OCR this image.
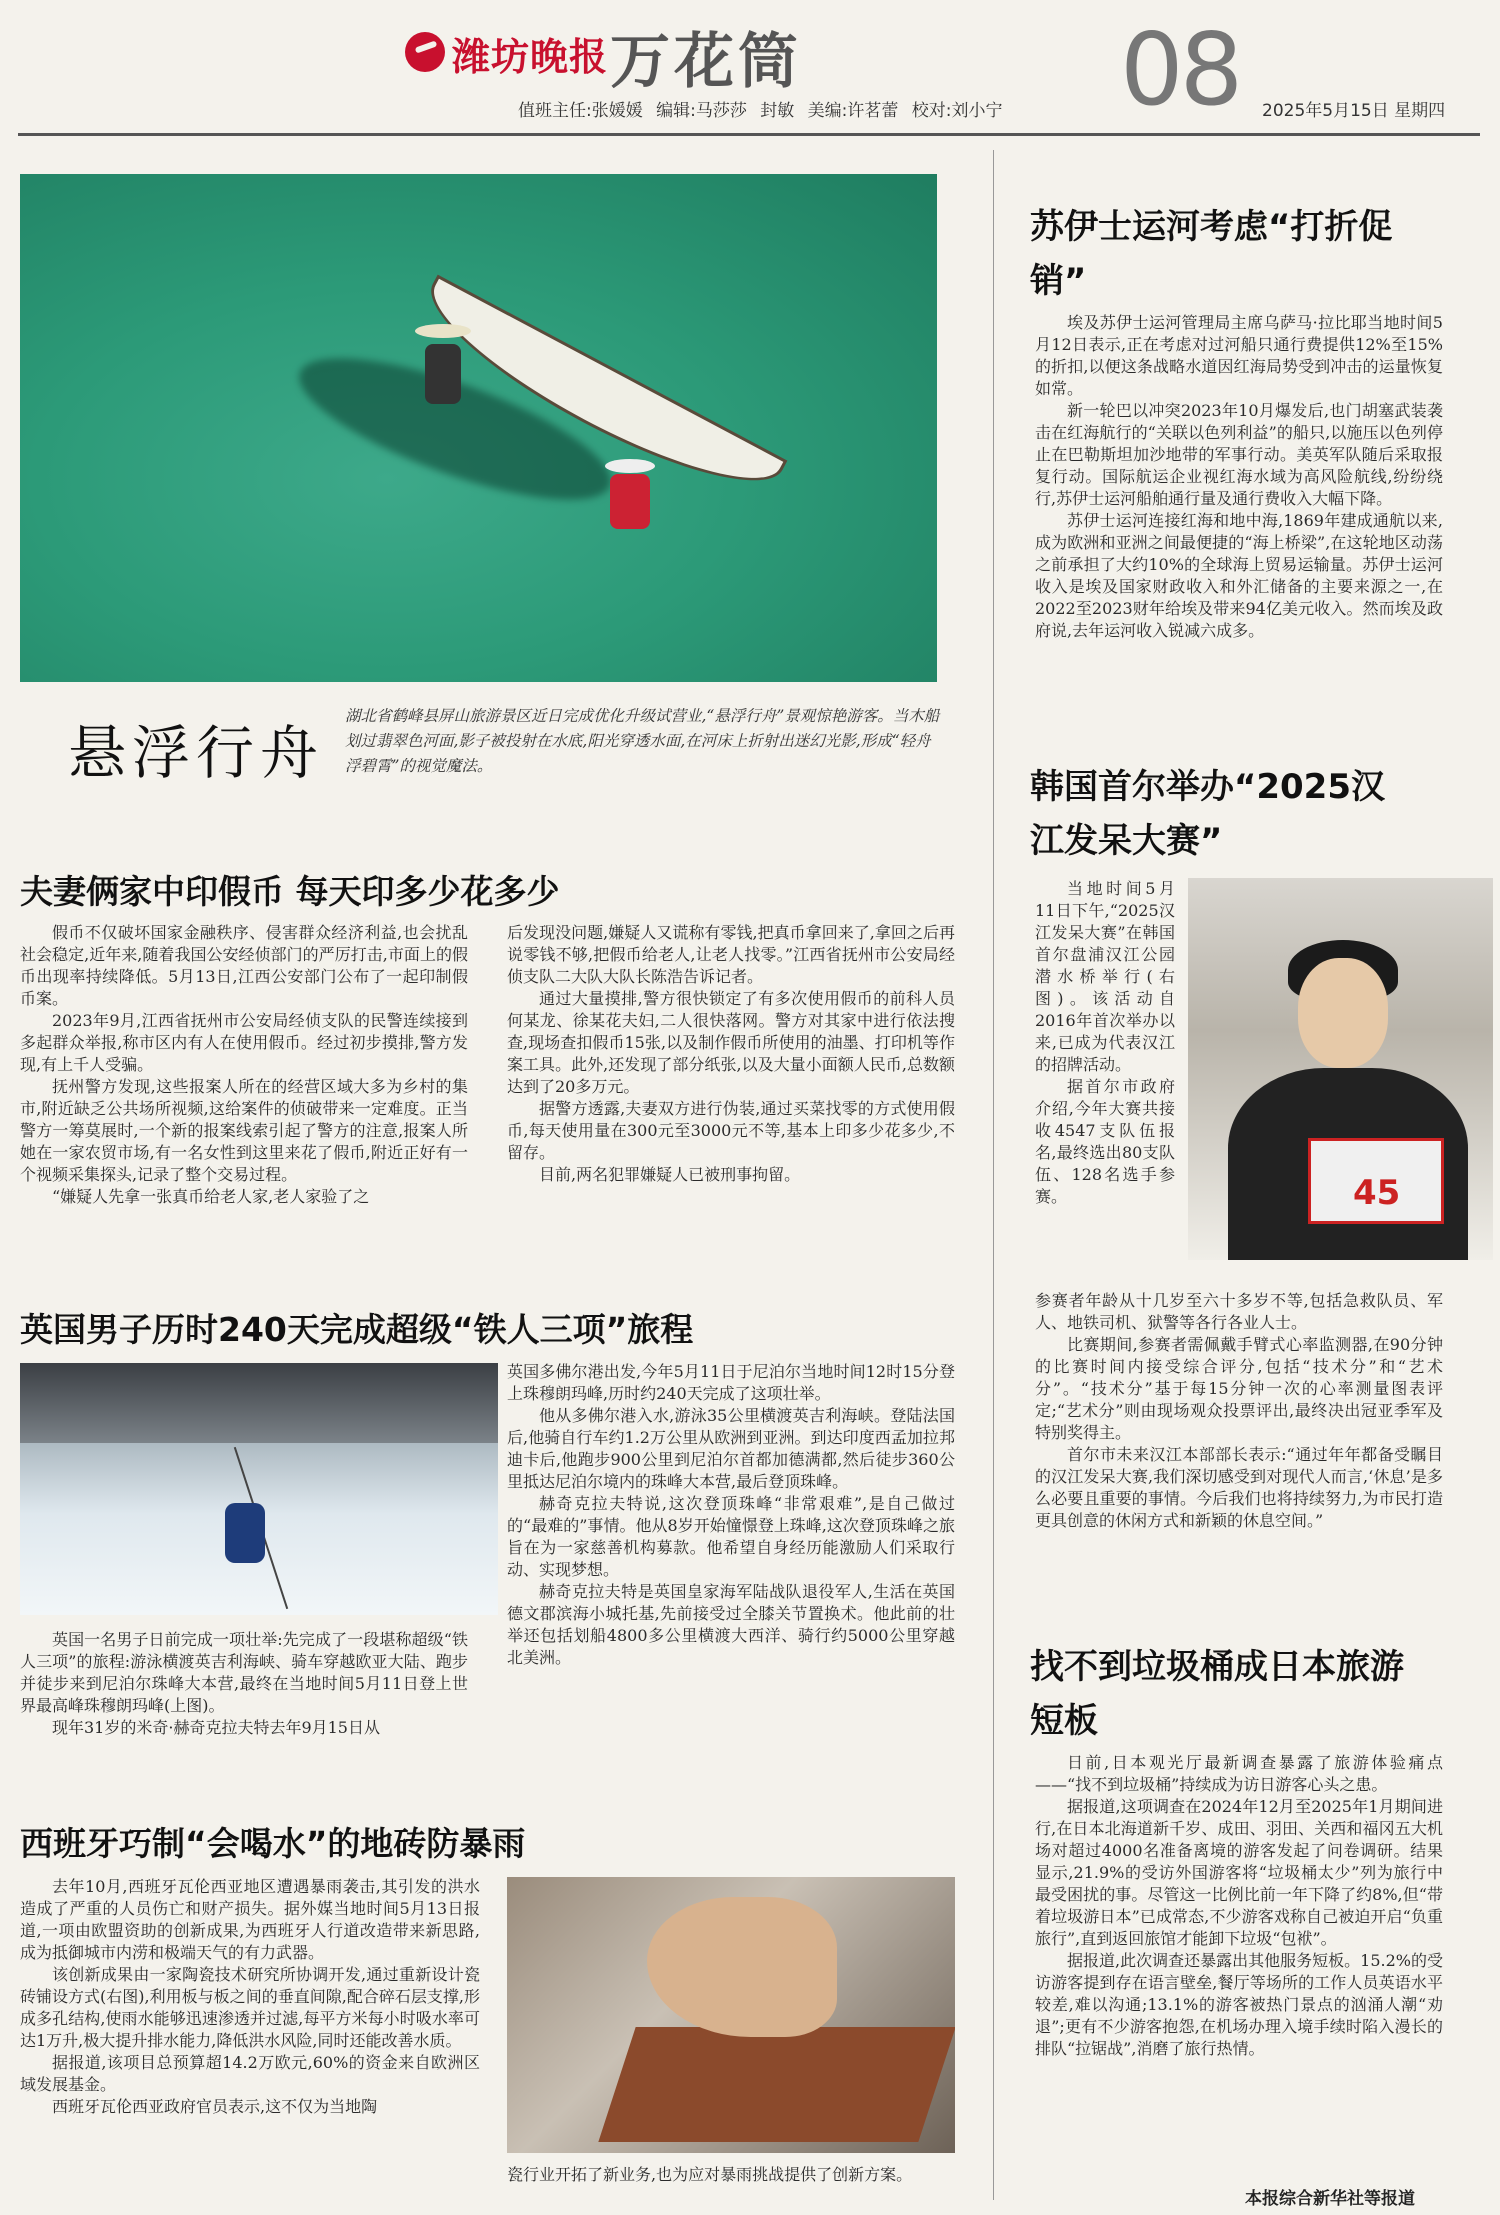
潍坊晚报 万花筒	08
值班主任:张媛媛 编辑:马莎莎 封敏 美编:许茗蕾 校对:刘小宁	2025年5月15日 星期四
悬浮行舟
湖北省鹤峰县屏山旅游景区近日完成优化升级试营业,“悬浮行舟”景观惊艳游客。当木船划过翡翠色河面,影子被投射在水底,阳光穿透水面,在河床上折射出迷幻光影,形成“轻舟浮碧霄”的视觉魔法。
夫妻俩家中印假币 每天印多少花多少

假币不仅破坏国家金融秩序、侵害群众经济利益,也会扰乱社会稳定,近年来,随着我国公安经侦部门的严厉打击,市面上的假币出现率持续降低。5月13日,江西公安部门公布了一起印制假币案。

2023年9月,江西省抚州市公安局经侦支队的民警连续接到多起群众举报,称市区内有人在使用假币。经过初步摸排,警方发现,有上千人受骗。

抚州警方发现,这些报案人所在的经营区域大多为乡村的集市,附近缺乏公共场所视频,这给案件的侦破带来一定难度。正当警方一筹莫展时,一个新的报案线索引起了警方的注意,报案人所她在一家农贸市场,有一名女性到这里来花了假币,附近正好有一个视频采集探头,记录了整个交易过程。

“嫌疑人先拿一张真币给老人家,老人家验了之

后发现没问题,嫌疑人又谎称有零钱,把真币拿回来了,拿回之后再说零钱不够,把假币给老人,让老人找零。”江西省抚州市公安局经侦支队二大队大队长陈浩告诉记者。

通过大量摸排,警方很快锁定了有多次使用假币的前科人员何某龙、徐某花夫妇,二人很快落网。警方对其家中进行依法搜查,现场查扣假币15张,以及制作假币所使用的油墨、打印机等作案工具。此外,还发现了部分纸张,以及大量小面额人民币,总数额达到了20多万元。

据警方透露,夫妻双方进行伪装,通过买菜找零的方式使用假币,每天使用量在300元至3000元不等,基本上印多少花多少,不留存。

目前,两名犯罪嫌疑人已被刑事拘留。

英国男子历时240天完成超级“铁人三项”旅程

英国一名男子日前完成一项壮举:先完成了一段堪称超级“铁人三项”的旅程:游泳横渡英吉利海峡、骑车穿越欧亚大陆、跑步并徒步来到尼泊尔珠峰大本营,最终在当地时间5月11日登上世界最高峰珠穆朗玛峰(上图)。

现年31岁的米奇·赫奇克拉夫特去年9月15日从

英国多佛尔港出发,今年5月11日于尼泊尔当地时间12时15分登上珠穆朗玛峰,历时约240天完成了这项壮举。

他从多佛尔港入水,游泳35公里横渡英吉利海峡。登陆法国后,他骑自行车约1.2万公里从欧洲到亚洲。到达印度西孟加拉邦迪卡后,他跑步900公里到尼泊尔首都加德满都,然后徒步360公里抵达尼泊尔境内的珠峰大本营,最后登顶珠峰。

赫奇克拉夫特说,这次登顶珠峰“非常艰难”,是自己做过的“最难的”事情。他从8岁开始憧憬登上珠峰,这次登顶珠峰之旅旨在为一家慈善机构募款。他希望自身经历能激励人们采取行动、实现梦想。

赫奇克拉夫特是英国皇家海军陆战队退役军人,生活在英国德文郡滨海小城托基,先前接受过全膝关节置换术。他此前的壮举还包括划船4800多公里横渡大西洋、骑行约5000公里穿越北美洲。

西班牙巧制“会喝水”的地砖防暴雨

去年10月,西班牙瓦伦西亚地区遭遇暴雨袭击,其引发的洪水造成了严重的人员伤亡和财产损失。据外媒当地时间5月13日报道,一项由欧盟资助的创新成果,为西班牙人行道改造带来新思路,成为抵御城市内涝和极端天气的有力武器。

该创新成果由一家陶瓷技术研究所协调开发,通过重新设计瓷砖铺设方式(右图),利用板与板之间的垂直间隙,配合碎石层支撑,形成多孔结构,使雨水能够迅速渗透并过滤,每平方米每小时吸水率可达1万升,极大提升排水能力,降低洪水风险,同时还能改善水质。

据报道,该项目总预算超14.2万欧元,60%的资金来自欧洲区域发展基金。

西班牙瓦伦西亚政府官员表示,这不仅为当地陶

瓷行业开拓了新业务,也为应对暴雨挑战提供了创新方案。

苏伊士运河考虑“打折促销”

埃及苏伊士运河管理局主席乌萨马·拉比耶当地时间5月12日表示,正在考虑对过河船只通行费提供12%至15%的折扣,以便这条战略水道因红海局势受到冲击的运量恢复如常。

新一轮巴以冲突2023年10月爆发后,也门胡塞武装袭击在红海航行的“关联以色列利益”的船只,以施压以色列停止在巴勒斯坦加沙地带的军事行动。美英军队随后采取报复行动。国际航运企业视红海水域为高风险航线,纷纷绕行,苏伊士运河船舶通行量及通行费收入大幅下降。

苏伊士运河连接红海和地中海,1869年建成通航以来,成为欧洲和亚洲之间最便捷的“海上桥梁”,在这轮地区动荡之前承担了大约10%的全球海上贸易运输量。苏伊士运河收入是埃及国家财政收入和外汇储备的主要来源之一,在2022至2023财年给埃及带来94亿美元收入。然而埃及政府说,去年运河收入锐减六成多。

韩国首尔举办“2025汉江发呆大赛”
45

当地时间5月11日下午,“2025汉江发呆大赛”在韩国首尔盘浦汉江公园潜水桥举行(右图)。该活动自2016年首次举办以来,已成为代表汉江的招牌活动。

据首尔市政府介绍,今年大赛共接收4547支队伍报名,最终选出80支队伍、128名选手参赛。

参赛者年龄从十几岁至六十多岁不等,包括急救队员、军人、地铁司机、狱警等各行各业人士。

比赛期间,参赛者需佩戴手臂式心率监测器,在90分钟的比赛时间内接受综合评分,包括“技术分”和“艺术分”。“技术分”基于每15分钟一次的心率测量图表评定;“艺术分”则由现场观众投票评出,最终决出冠亚季军及特别奖得主。

首尔市未来汉江本部部长表示:“通过年年都备受瞩目的汉江发呆大赛,我们深切感受到对现代人而言,‘休息’是多么必要且重要的事情。今后我们也将持续努力,为市民打造更具创意的休闲方式和新颖的休息空间。”

找不到垃圾桶成日本旅游短板

日前,日本观光厅最新调查暴露了旅游体验痛点——“找不到垃圾桶”持续成为访日游客心头之患。

据报道,这项调查在2024年12月至2025年1月期间进行,在日本北海道新千岁、成田、羽田、关西和福冈五大机场对超过4000名准备离境的游客发起了问卷调研。结果显示,21.9%的受访外国游客将“垃圾桶太少”列为旅行中最受困扰的事。尽管这一比例比前一年下降了约8%,但“带着垃圾游日本”已成常态,不少游客戏称自己被迫开启“负重旅行”,直到返回旅馆才能卸下垃圾“包袱”。

据报道,此次调查还暴露出其他服务短板。15.2%的受访游客提到存在语言壁垒,餐厅等场所的工作人员英语水平较差,难以沟通;13.1%的游客被热门景点的汹涌人潮“劝退”;更有不少游客抱怨,在机场办理入境手续时陷入漫长的排队“拉锯战”,消磨了旅行热情。

本报综合新华社等报道
